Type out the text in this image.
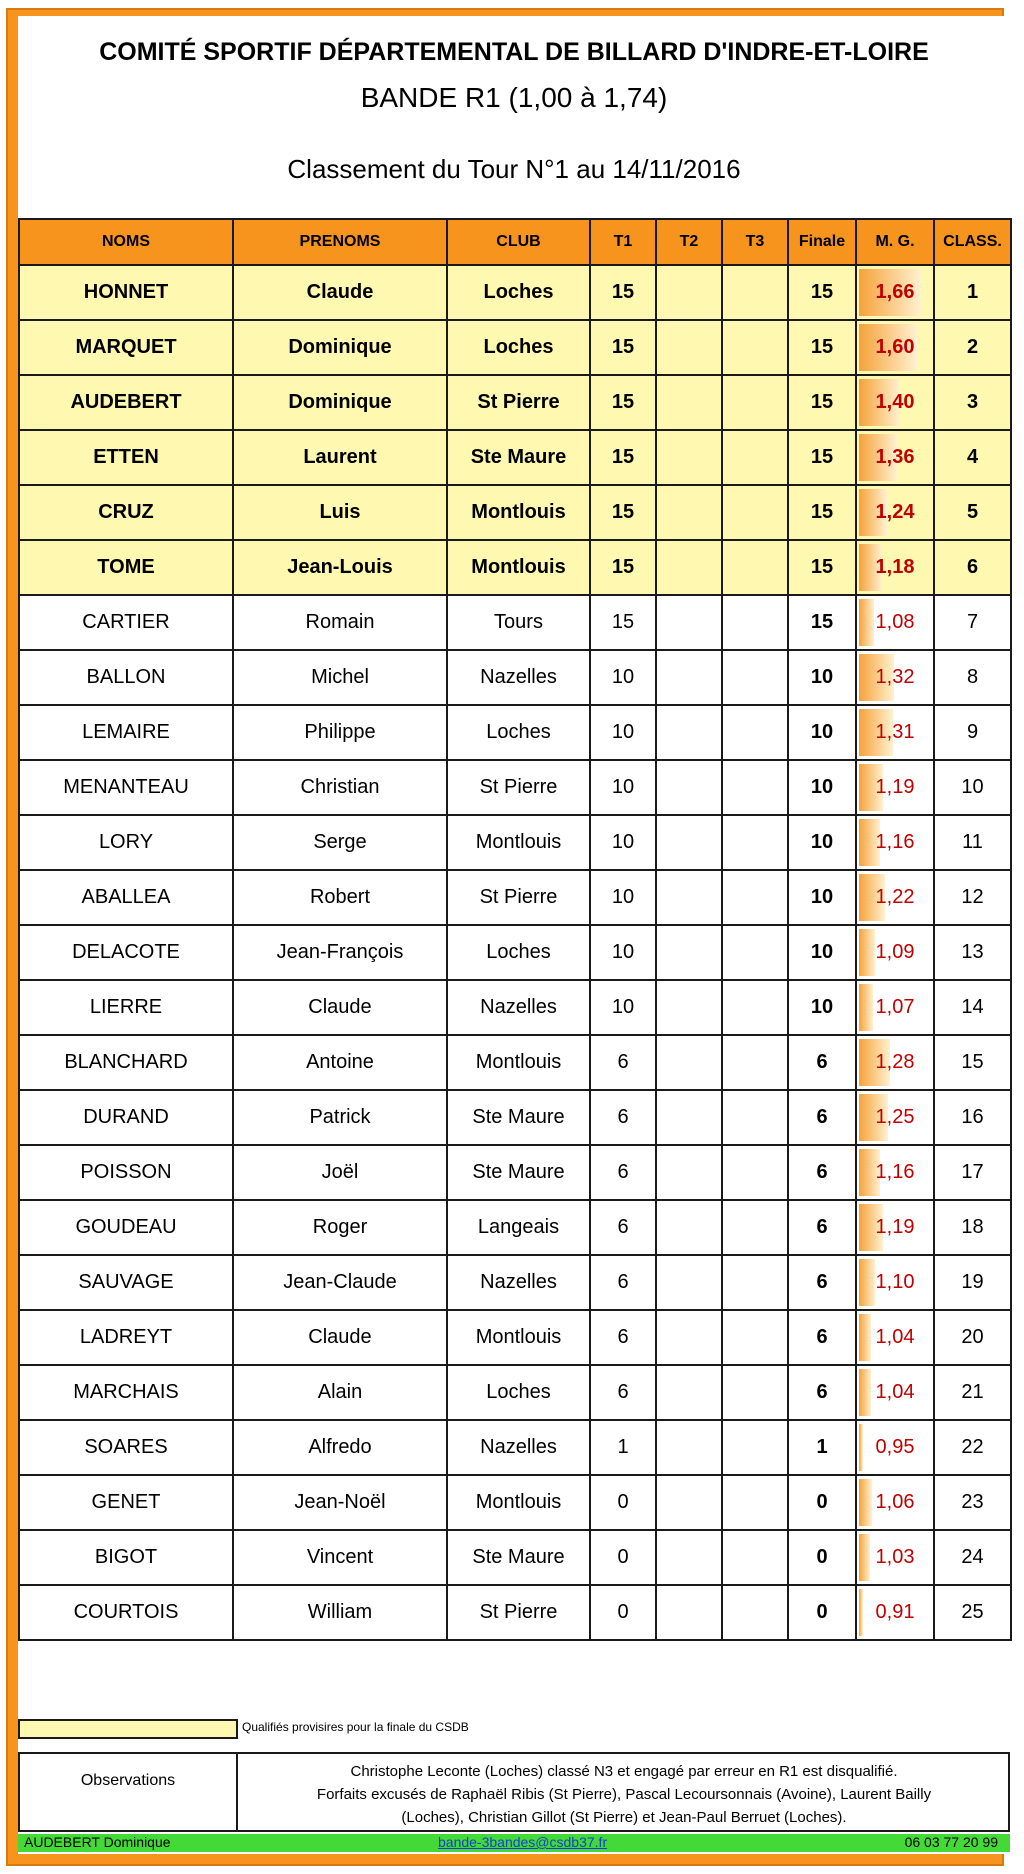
COMITÉ SPORTIF DÉPARTEMENTAL DE BILLARD D'INDRE-ET-LOIRE
BANDE R1 (1,00 à 1,74)
Classement du Tour N°1 au 14/11/2016
NOMS	PRENOMS	CLUB	T1	T2	T3	Finale	M. G.	CLASS.
HONNET	Claude	Loches	15			15	1,66	1
MARQUET	Dominique	Loches	15			15	1,60	2
AUDEBERT	Dominique	St Pierre	15			15	1,40	3
ETTEN	Laurent	Ste Maure	15			15	1,36	4
CRUZ	Luis	Montlouis	15			15	1,24	5
TOME	Jean-Louis	Montlouis	15			15	1,18	6
CARTIER	Romain	Tours	15			15	1,08	7
BALLON	Michel	Nazelles	10			10	1,32	8
LEMAIRE	Philippe	Loches	10			10	1,31	9
MENANTEAU	Christian	St Pierre	10			10	1,19	10
LORY	Serge	Montlouis	10			10	1,16	11
ABALLEA	Robert	St Pierre	10			10	1,22	12
DELACOTE	Jean-François	Loches	10			10	1,09	13
LIERRE	Claude	Nazelles	10			10	1,07	14
BLANCHARD	Antoine	Montlouis	6			6	1,28	15
DURAND	Patrick	Ste Maure	6			6	1,25	16
POISSON	Joël	Ste Maure	6			6	1,16	17
GOUDEAU	Roger	Langeais	6			6	1,19	18
SAUVAGE	Jean-Claude	Nazelles	6			6	1,10	19
LADREYT	Claude	Montlouis	6			6	1,04	20
MARCHAIS	Alain	Loches	6			6	1,04	21
SOARES	Alfredo	Nazelles	1			1	0,95	22
GENET	Jean-Noël	Montlouis	0			0	1,06	23
BIGOT	Vincent	Ste Maure	0			0	1,03	24
COURTOIS	William	St Pierre	0			0	0,91	25
Qualifiés provisires pour la finale du CSDB
Observations
Christophe Leconte (Loches) classé N3 et engagé par erreur en R1 est disqualifié.
Forfaits excusés de Raphaël Ribis (St Pierre), Pascal Lecoursonnais (Avoine), Laurent Bailly
(Loches), Christian Gillot (St Pierre) et Jean-Paul Berruet (Loches).
AUDEBERT Dominique	bande-3bandes@csdb37.fr	06 03 77 20 99
